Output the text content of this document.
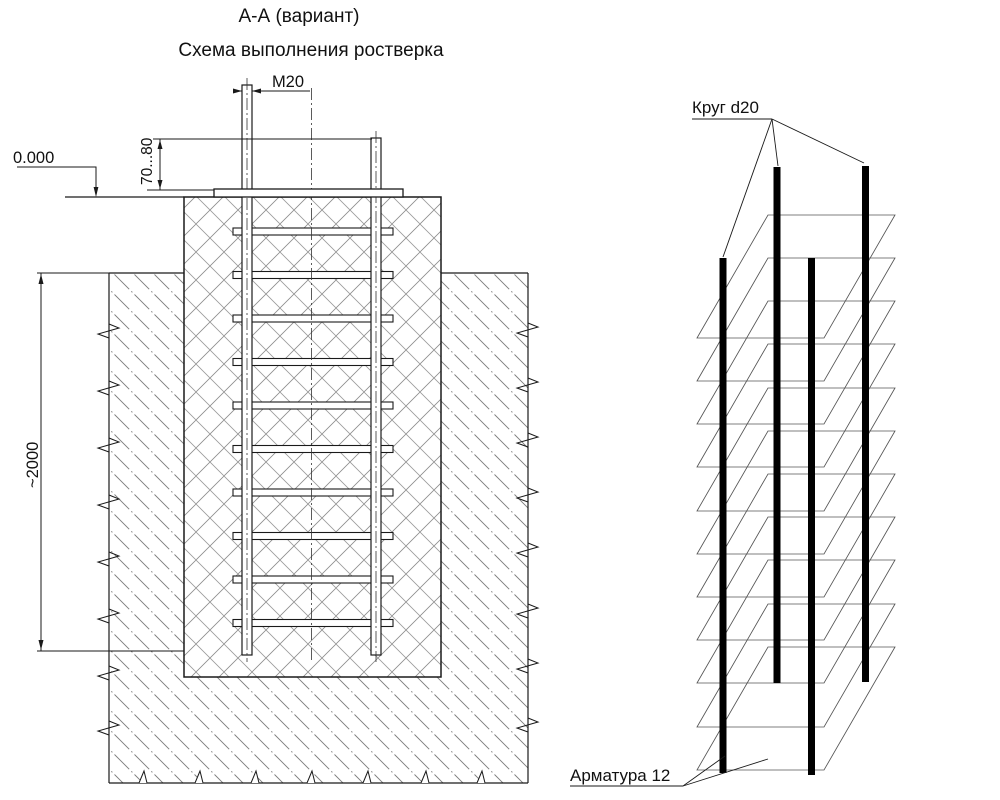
А-А (вариант)
Схема выполнения ростверка
0.000
М20
70...80
~2000
Круг d20
Арматура 12
